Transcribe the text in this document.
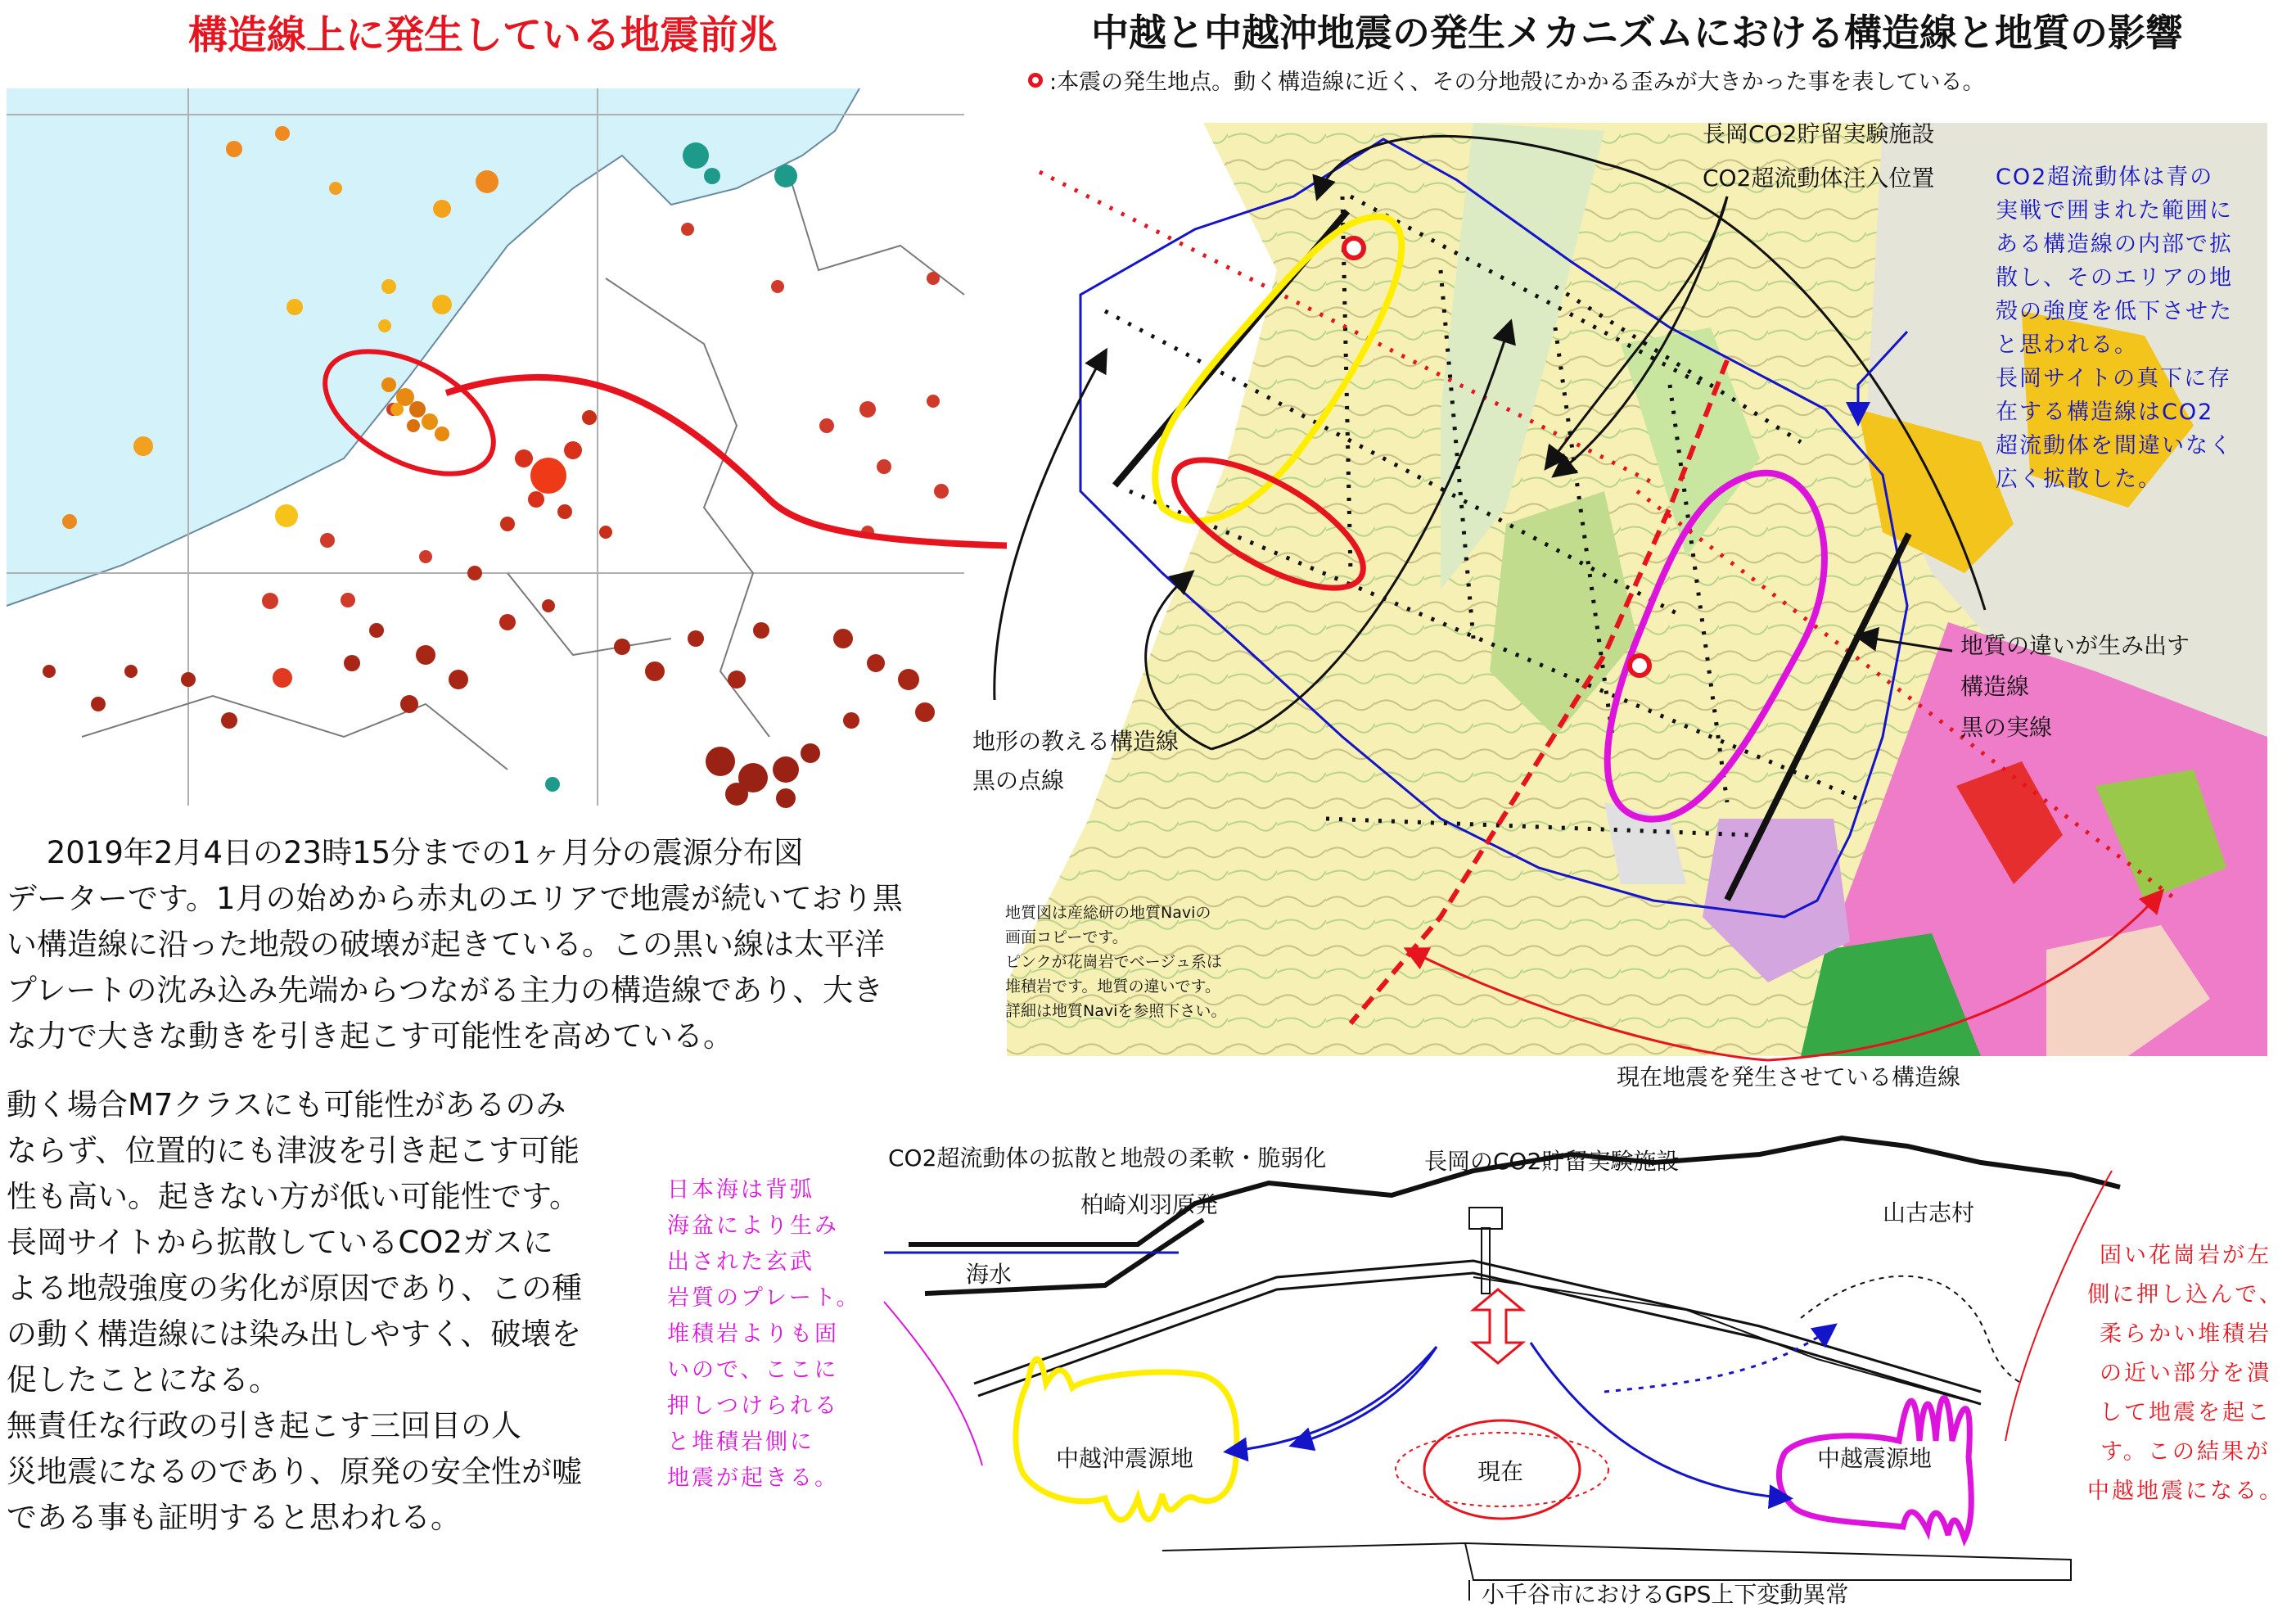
構造線上に発生している地震前兆	中越と中越沖地震の発生メカニズムにおける構造線と地質の影響
:本震の発生地点。動く構造線に近く、その分地殻にかかる歪みが大きかった事を表している。
　 2019年2月4日の23時15分までの1ヶ月分の震源分布図
データーです。1月の始めから赤丸のエリアで地震が続いており黒
い構造線に沿った地殻の破壊が起きている。この黒い線は太平洋
プレートの沈み込み先端からつながる主力の構造線であり、大き
な力で大きな動きを引き起こす可能性を高めている。
動く場合M7クラスにも可能性があるのみ
ならず、位置的にも津波を引き起こす可能
性も高い。起きない方が低い可能性です。
長岡サイトから拡散しているCO2ガスに
よる地殻強度の劣化が原因であり、この種
の動く構造線には染み出しやすく、破壊を
促したことになる。
無責任な行政の引き起こす三回目の人
災地震になるのであり、原発の安全性が嘘
である事も証明すると思われる。
長岡CO2貯留実験施設
CO2超流動体注入位置
地形の教える構造線
黒の点線
地質の違いが生み出す
構造線
黒の実線
地質図は産総研の地質Naviの
画面コピーです。
ピンクが花崗岩でベージュ系は
堆積岩です。地質の違いです。
詳細は地質Naviを参照下さい。
現在地震を発生させている構造線
CO2超流動体は青の
実戦で囲まれた範囲に
ある構造線の内部で拡
散し、そのエリアの地
殻の強度を低下させた
と思われる。
長岡サイトの真下に存
在する構造線はCO2
超流動体を間違いなく
広く拡散した。
日本海は背弧
海盆により生み
出された玄武
岩質のプレート。
堆積岩よりも固
いので、ここに
押しつけられる
と堆積岩側に
地震が起きる。
固い花崗岩が左
側に押し込んで、
柔らかい堆積岩
の近い部分を潰
して地震を起こ
す。この結果が
中越地震になる。
CO2超流動体の拡散と地殻の柔軟・脆弱化	長岡のCO2貯留実験施設
柏崎刈羽原発	山古志村
海水
中越沖震源地	現在	中越震源地
小千谷市におけるGPS上下変動異常
